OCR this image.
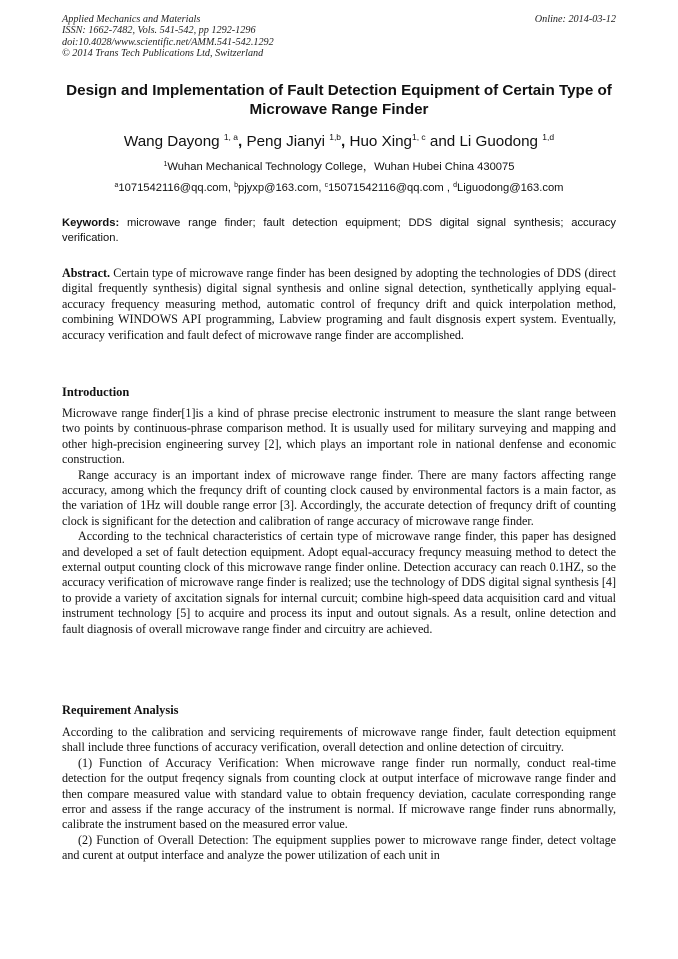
Applied Mechanics and Materials
ISSN: 1662-7482, Vols. 541-542, pp 1292-1296
doi:10.4028/www.scientific.net/AMM.541-542.1292
© 2014 Trans Tech Publications Ltd, Switzerland
Online: 2014-03-12
Design and Implementation of Fault Detection Equipment of Certain Type of Microwave Range Finder
Wang Dayong $^{1, a}$, Peng Jianyi $^{1,b}$, Huo Xing$^{1, c}$ and Li Guodong $^{1,d}$
$^1$Wuhan Mechanical Technology College，Wuhan Hubei China 430075
$^a$1071542116@qq.com, $^b$pjyxp@163.com, $^c$15071542116@qq.com , $^d$Liguodong@163.com
Keywords: microwave range finder; fault detection equipment; DDS digital signal synthesis; accuracy verification.

Abstract. Certain type of microwave range finder has been designed by adopting the technologies of DDS (direct digital frequently synthesis) digital signal synthesis and online signal detection, synthetically applying equal-accuracy frequency measuring method, automatic control of frequncy drift and quick interpolation method, combining WINDOWS API programming, Labview programing and fault disgnosis expert system. Eventually, accuracy verification and fault defect of microwave range finder are accomplished.

Introduction

Microwave range finder[1]is a kind of phrase precise electronic instrument to measure the slant range between two points by continuous-phrase comparison method. It is usually used for military surveying and mapping and other high-precision engineering survey [2], which plays an important role in national denfense and economic construction.

Range accuracy is an important index of microwave range finder. There are many factors affecting range accuracy, among which the frequncy drift of counting clock caused by environmental factors is a main factor, as the variation of 1Hz will double range error [3]. Accordingly, the accurate detection of frequncy drift of counting clock is significant for the detection and calibration of range accuracy of microwave range finder.

According to the technical characteristics of certain type of microwave range finder, this paper has designed and developed a set of fault detection equipment. Adopt equal-accuracy frequncy measuing method to detect the external output counting clock of this microwave range finder online. Detection accuracy can reach 0.1HZ, so the accuracy verification of microwave range finder is realized; use the technology of DDS digital signal synthesis [4] to provide a variety of axcitation signals for internal curcuit; combine high-speed data acquisition card and vitual instrument technology [5] to acquire and process its input and outout signals. As a result, online detection and fault diagnosis of overall microwave range finder and circuitry are achieved.

Requirement Analysis

According to the calibration and servicing requirements of microwave range finder, fault detection equipment shall include three functions of accuracy verification, overall detection and online detection of circuitry.

(1) Function of Accuracy Verification: When microwave range finder run normally, conduct real-time detection for the output freqency signals from counting clock at output interface of microwave range finder and then compare measured value with standard value to obtain frequency deviation, caculate corresponding range error and assess if the range accuracy of the instrument is normal. If microwave range finder runs abnormally, calibrate the instrument based on the measured error value.

(2) Function of Overall Detection: The equipment supplies power to microwave range finder, detect voltage and curent at output interface and analyze the power utilization of each unit in
